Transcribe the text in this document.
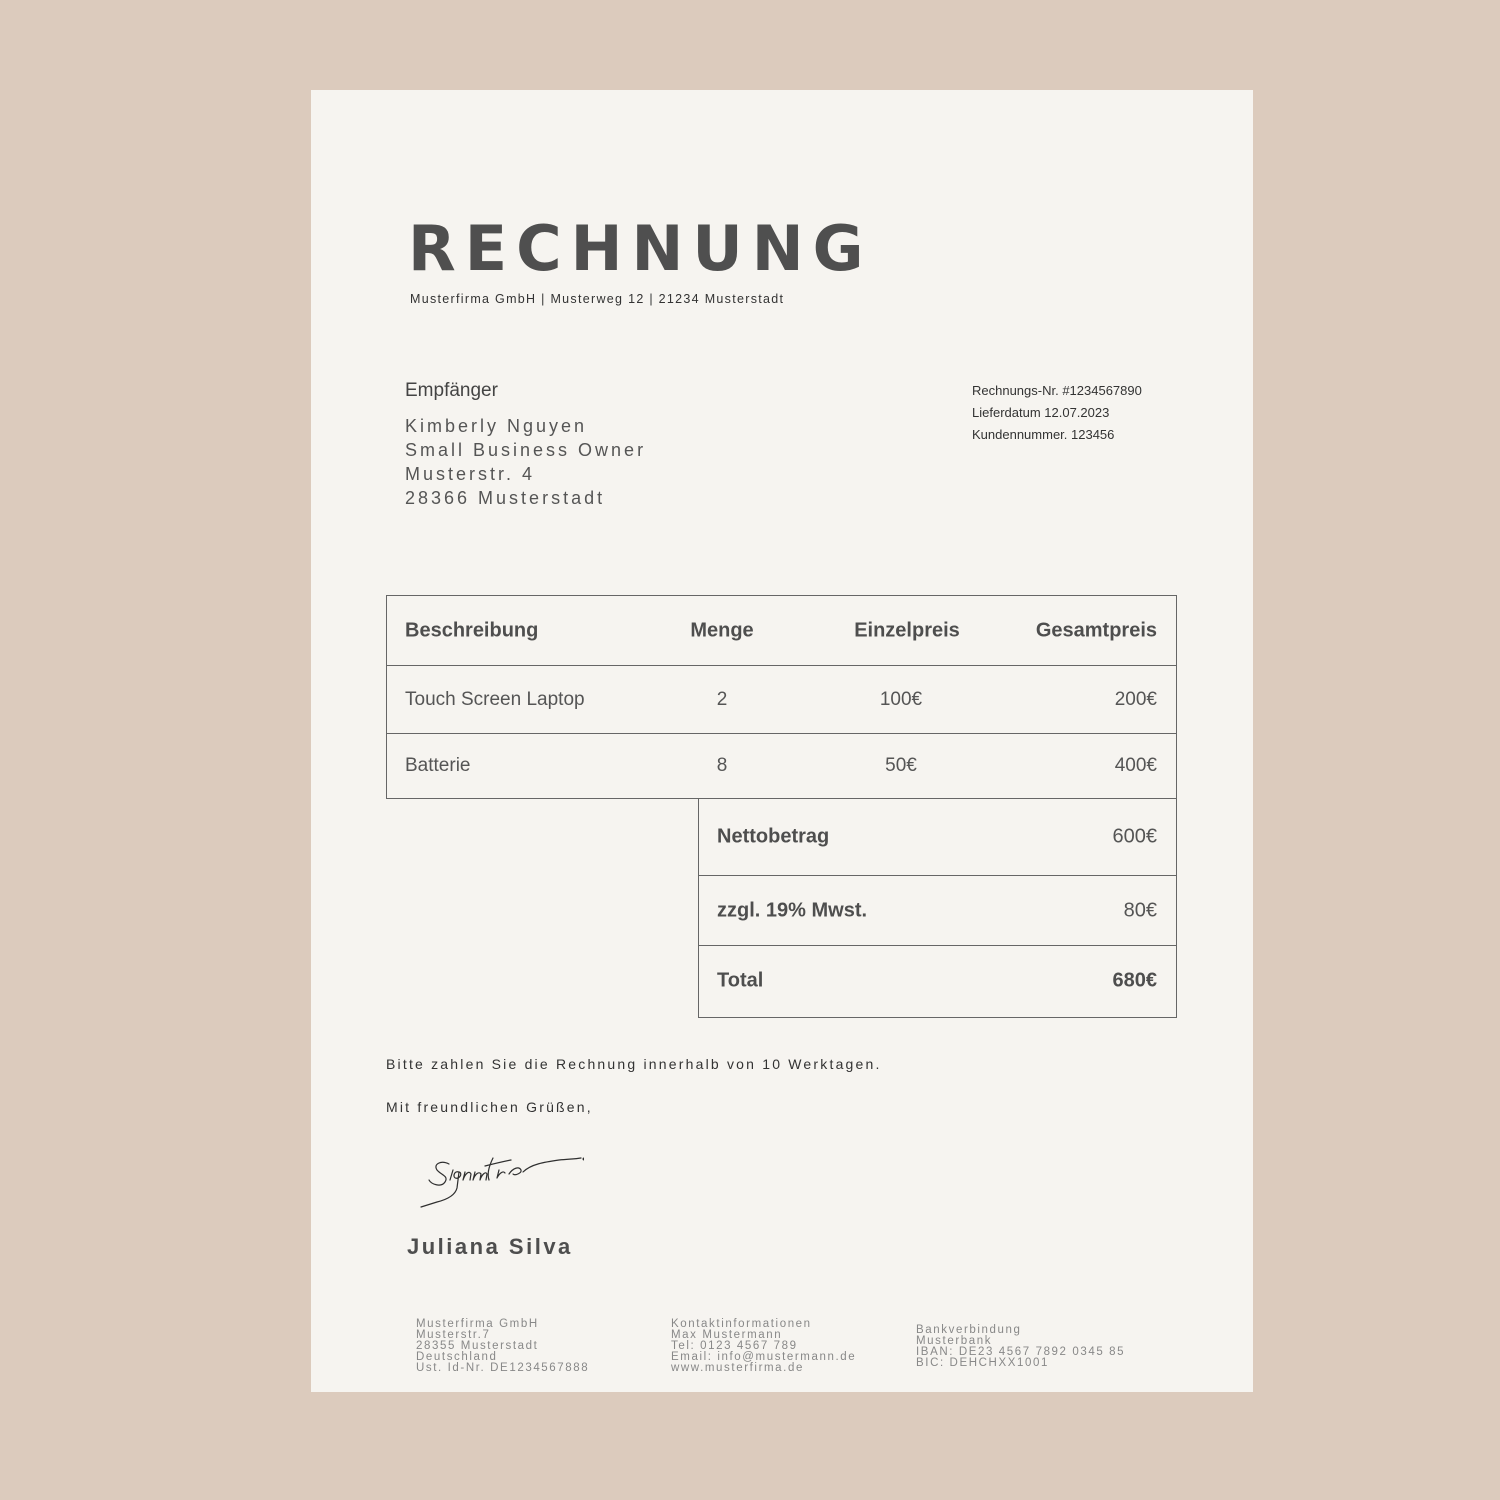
RECHNUNG
Musterfirma GmbH | Musterweg 12 | 21234 Musterstadt
Empfänger
Kimberly Nguyen
Small Business Owner
Musterstr. 4
28366 Musterstadt
Rechnungs-Nr. #1234567890
Lieferdatum 12.07.2023
Kundennummer. 123456
Beschreibung	Menge	Einzelpreis	Gesamtpreis
Touch Screen Laptop	2	100€	200€
Batterie	8	50€	400€
Nettobetrag	600€
zzgl. 19% Mwst.	80€
Total	680€
Bitte zahlen Sie die Rechnung innerhalb von 10 Werktagen.
Mit freundlichen Grüßen,
Juliana Silva
Musterfirma GmbH
Musterstr.7
28355 Musterstadt
Deutschland
Ust. Id-Nr. DE1234567888
Kontaktinformationen
Max Mustermann
Tel: 0123 4567 789
Email: info@mustermann.de
www.musterfirma.de
Bankverbindung
Musterbank
IBAN: DE23 4567 7892 0345 85
BIC: DEHCHXX1001
